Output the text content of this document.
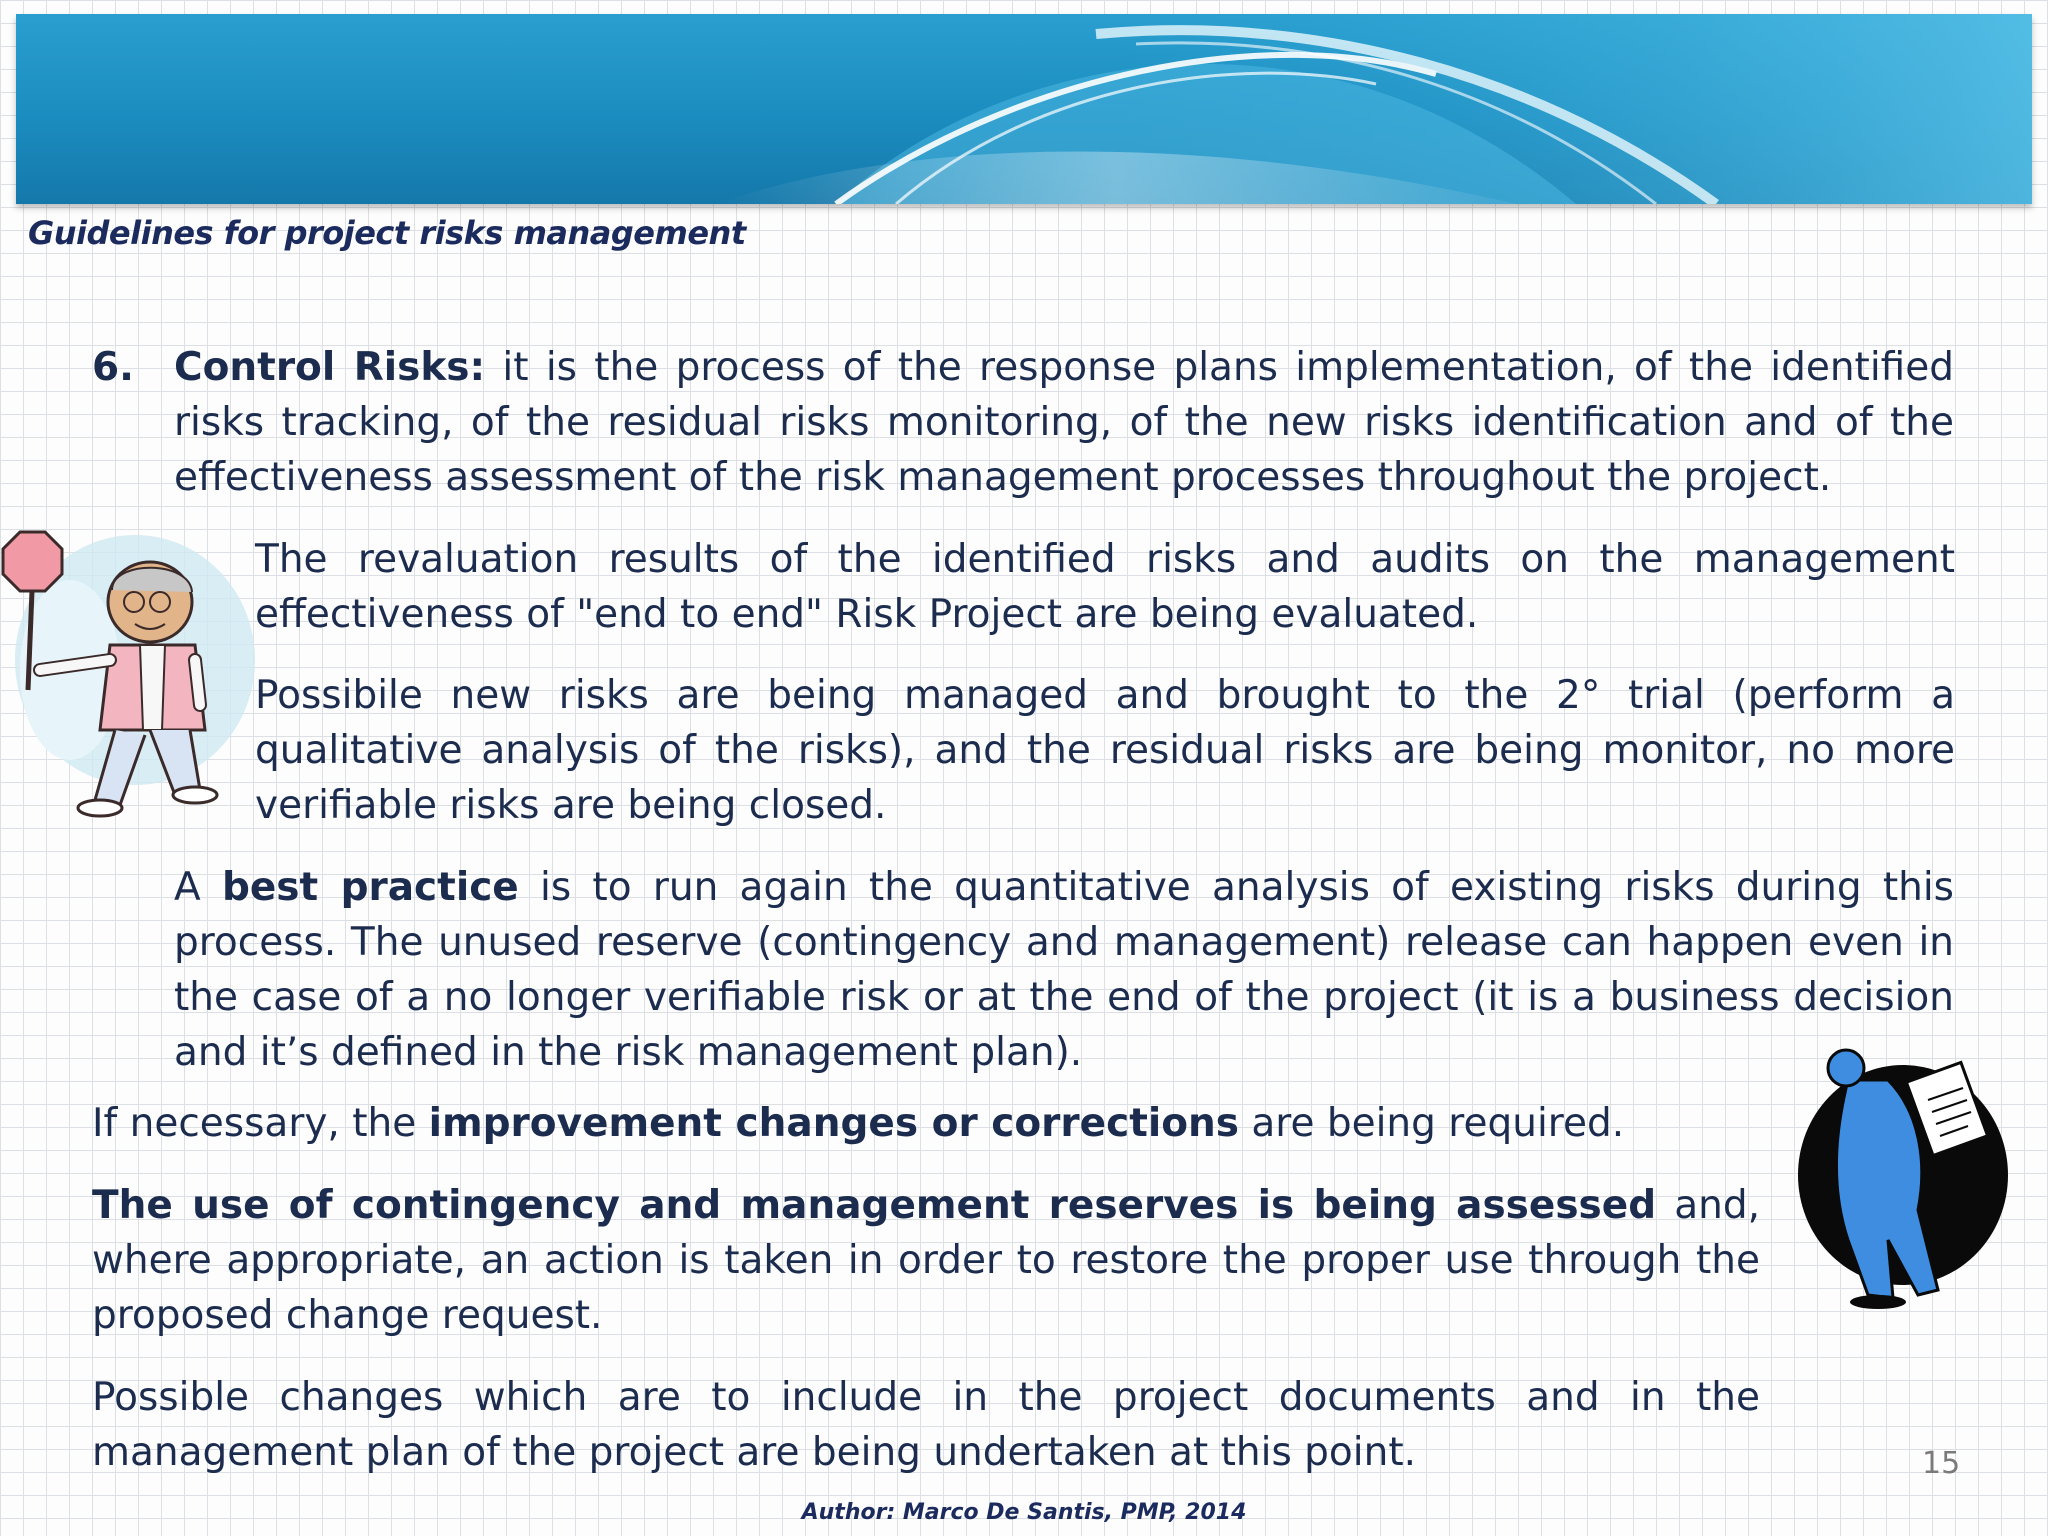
Guidelines for project risks management
6. Control Risks: it is the process of the response plans implementation, of the identified risks tracking, of the residual risks monitoring, of the new risks identification and of the effectiveness assessment of the risk management processes throughout the project.
The revaluation results of the identified risks and audits on the management effectiveness of "end to end" Risk Project are being evaluated.
Possibile new risks are being managed and brought to the 2° trial (perform a qualitative analysis of the risks), and the residual risks are being monitor, no more verifiable risks are being closed.
A best practice is to run again the quantitative analysis of existing risks during this process. The unused reserve (contingency and management) release can happen even in the case of a no longer verifiable risk or at the end of the project (it is a business decision and it’s defined in the risk management plan).
If necessary, the improvement changes or corrections are being required.
The use of contingency and management reserves is being assessed and, where appropriate, an action is taken in order to restore the proper use through the proposed change request.
Possible changes which are to include in the project documents and in the management plan of the project are being undertaken at this point.	15
Author: Marco De Santis, PMP, 2014
